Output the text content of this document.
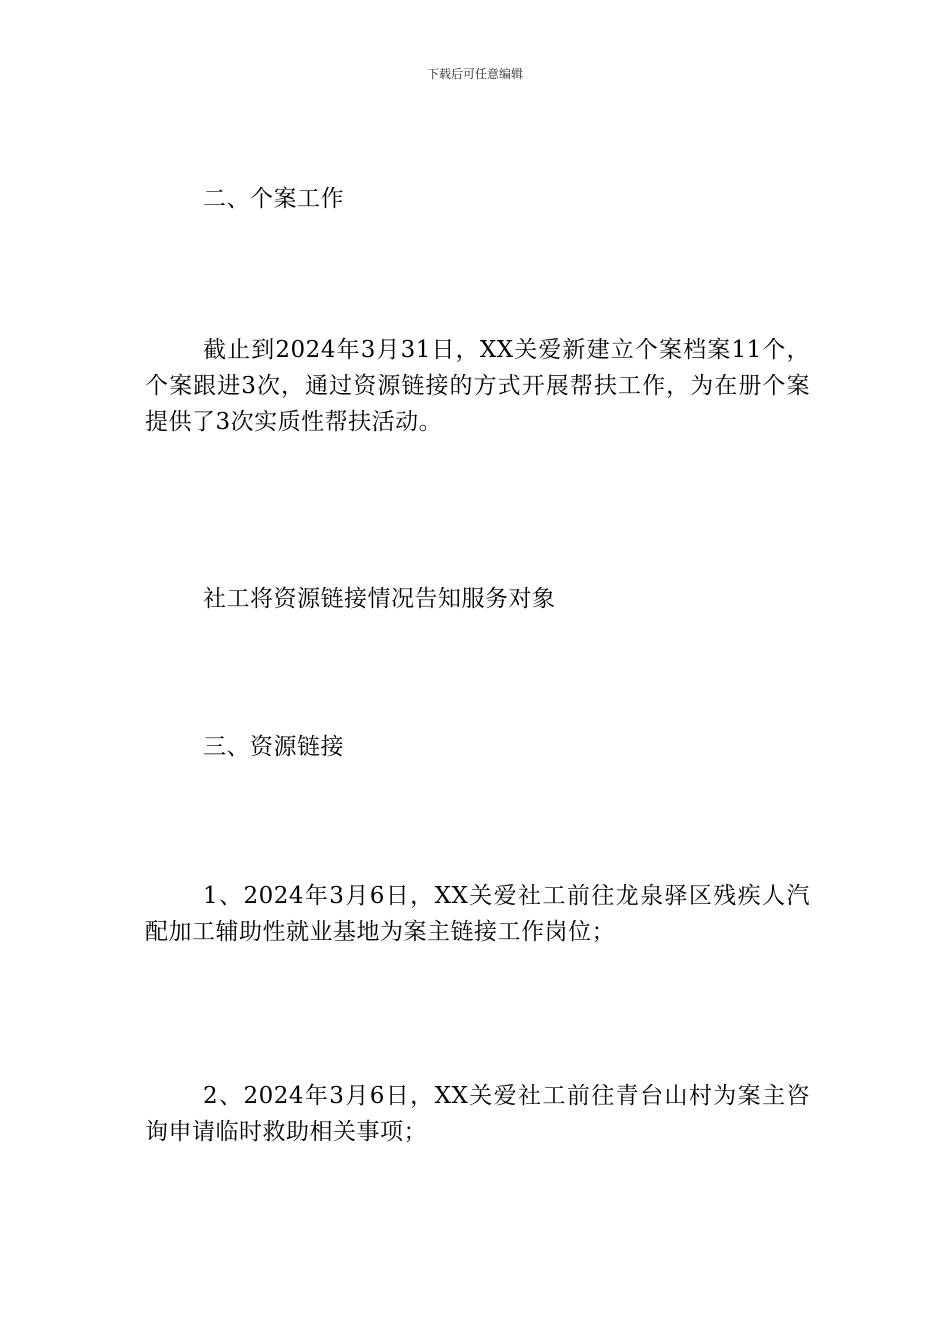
下载后可任意编辑

二、个案工作

截止到2024年3月31日，XX关爱新建立个案档案11个，个案跟进3次，通过资源链接的方式开展帮扶工作，为在册个案提供了3次实质性帮扶活动。

社工将资源链接情况告知服务对象

三、资源链接

1、2024年3月6日，XX关爱社工前往龙泉驿区残疾人汽配加工辅助性就业基地为案主链接工作岗位；

2、2024年3月6日，XX关爱社工前往青台山村为案主咨询申请临时救助相关事项；
